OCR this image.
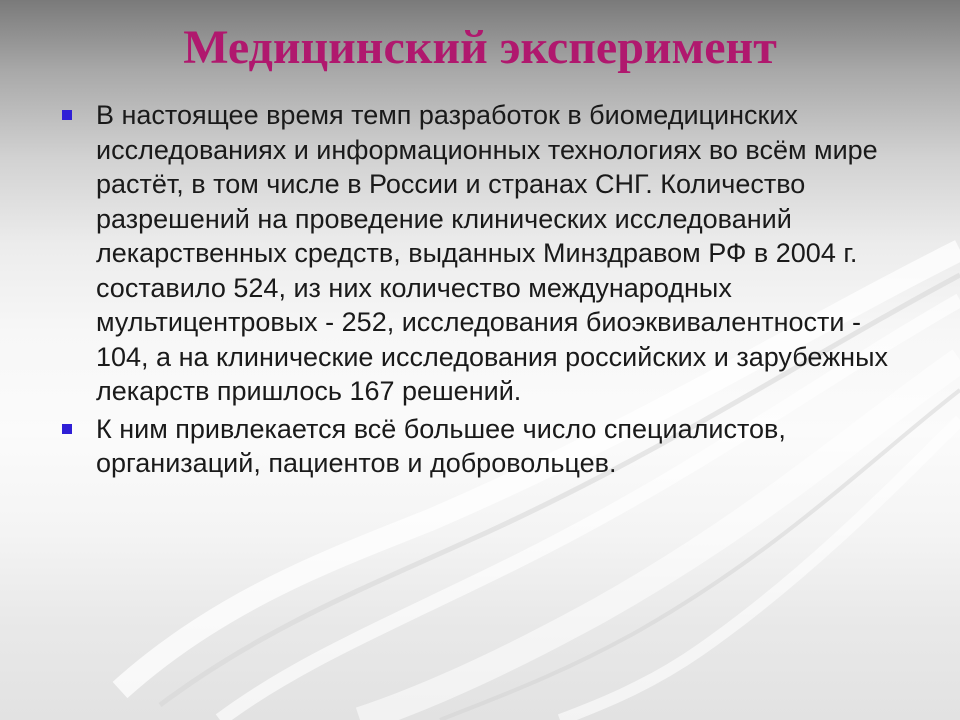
Медицинский эксперимент
В настоящее время темп разработок в биомедицинских исследованиях и информационных технологиях во всём мире растёт, в том числе в России и странах СНГ. Количество разрешений на проведение клинических исследований лекарственных средств, выданных Минздравом РФ в 2004 г. составило 524, из них количество международных мультицентровых - 252, исследования биоэквивалентности - 104, а на клинические исследования российских и зарубежных лекарств пришлось 167 решений.
К ним привлекается всё большее число специалистов, организаций, пациентов и добровольцев.
